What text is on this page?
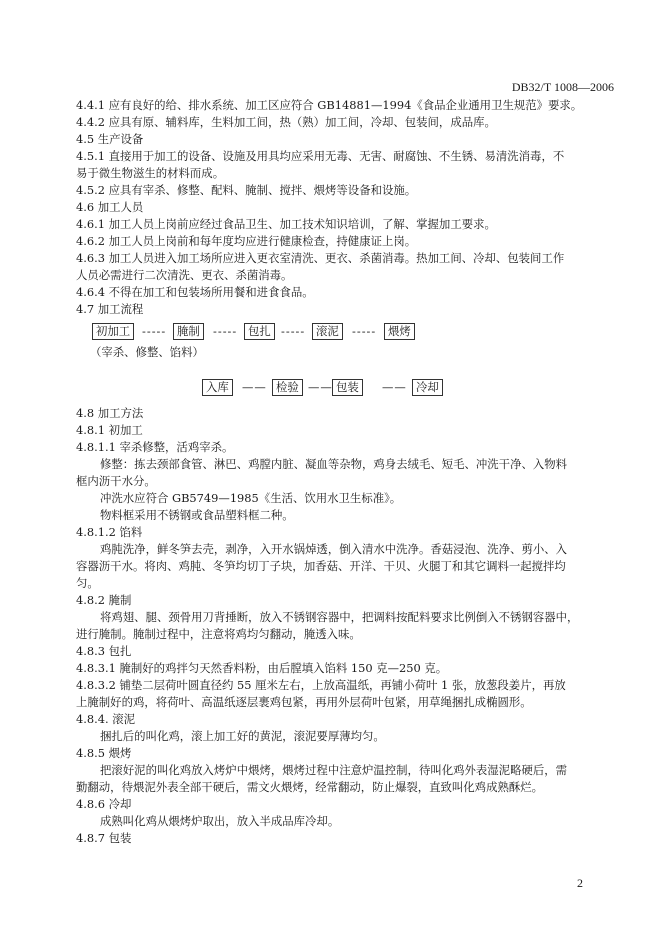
DB32/T 1008—2006
4.4.1 应有良好的给、排水系统、加工区应符合 GB14881—1994《食品企业通用卫生规范》要求。
4.4.2 应具有原、辅料库，生料加工间，热（熟）加工间，冷却、包装间，成品库。
4.5 生产设备
4.5.1 直接用于加工的设备、设施及用具均应采用无毒、无害、耐腐蚀、不生锈、易清洗消毒，不
易于微生物滋生的材料而成。
4.5.2 应具有宰杀、修整、配料、腌制、搅拌、煨烤等设备和设施。
4.6 加工人员
4.6.1 加工人员上岗前应经过食品卫生、加工技术知识培训，了解、掌握加工要求。
4.6.2 加工人员上岗前和每年度均应进行健康检查，持健康证上岗。
4.6.3 加工人员进入加工场所应进入更衣室清洗、更衣、杀菌消毒。热加工间、冷却、包装间工作
人员必需进行二次清洗、更衣、杀菌消毒。
4.6.4 不得在加工和包装场所用餐和进食食品。
4.7 加工流程
初加工	----- 腌制	----- 包扎 ----- 滚泥	-----	煨烤
（宰杀、修整、馅料）
入库	—— 检验 —— 包装	—— 冷却
4.8 加工方法
4.8.1 初加工
4.8.1.1 宰杀修整，活鸡宰杀。
修整：拣去颈部食管、淋巴、鸡膛内脏、凝血等杂物，鸡身去绒毛、短毛、冲洗干净、入物料
框内沥干水分。
冲洗水应符合 GB5749—1985《生活、饮用水卫生标准》。
物料框采用不锈钢或食品塑料框二种。
4.8.1.2 馅料
鸡肫洗净，鲜冬笋去壳，剥净，入开水锅焯透，倒入清水中洗净。香菇浸泡、洗净、剪小、入
容器沥干水。将肉、鸡肫、冬笋均切丁子块，加香菇、开洋、干贝、火腿丁和其它调料一起搅拌均
匀。
4.8.2 腌制
将鸡翅、腿、颈骨用刀背捶断，放入不锈钢容器中，把调料按配料要求比例倒入不锈钢容器中，
进行腌制。腌制过程中，注意将鸡均匀翻动，腌透入味。
4.8.3 包扎
4.8.3.1 腌制好的鸡拌匀天然香料粉，由后膛填入馅料 150 克—250 克。
4.8.3.2 铺垫二层荷叶圆直径约 55 厘米左右，上放高温纸，再铺小荷叶 1 张，放葱段姜片，再放
上腌制好的鸡，将荷叶、高温纸逐层裹鸡包紧，再用外层荷叶包紧，用草绳捆扎成椭圆形。
4.8.4. 滚泥
捆扎后的叫化鸡，滚上加工好的黄泥，滚泥要厚薄均匀。
4.8.5 煨烤
把滚好泥的叫化鸡放入烤炉中煨烤，煨烤过程中注意炉温控制，待叫化鸡外表湿泥略硬后，需
勤翻动，待煨泥外表全部干硬后，需文火煨烤，经常翻动，防止爆裂，直致叫化鸡成熟酥烂。
4.8.6 冷却
成熟叫化鸡从煨烤炉取出，放入半成品库冷却。
4.8.7 包装
2
